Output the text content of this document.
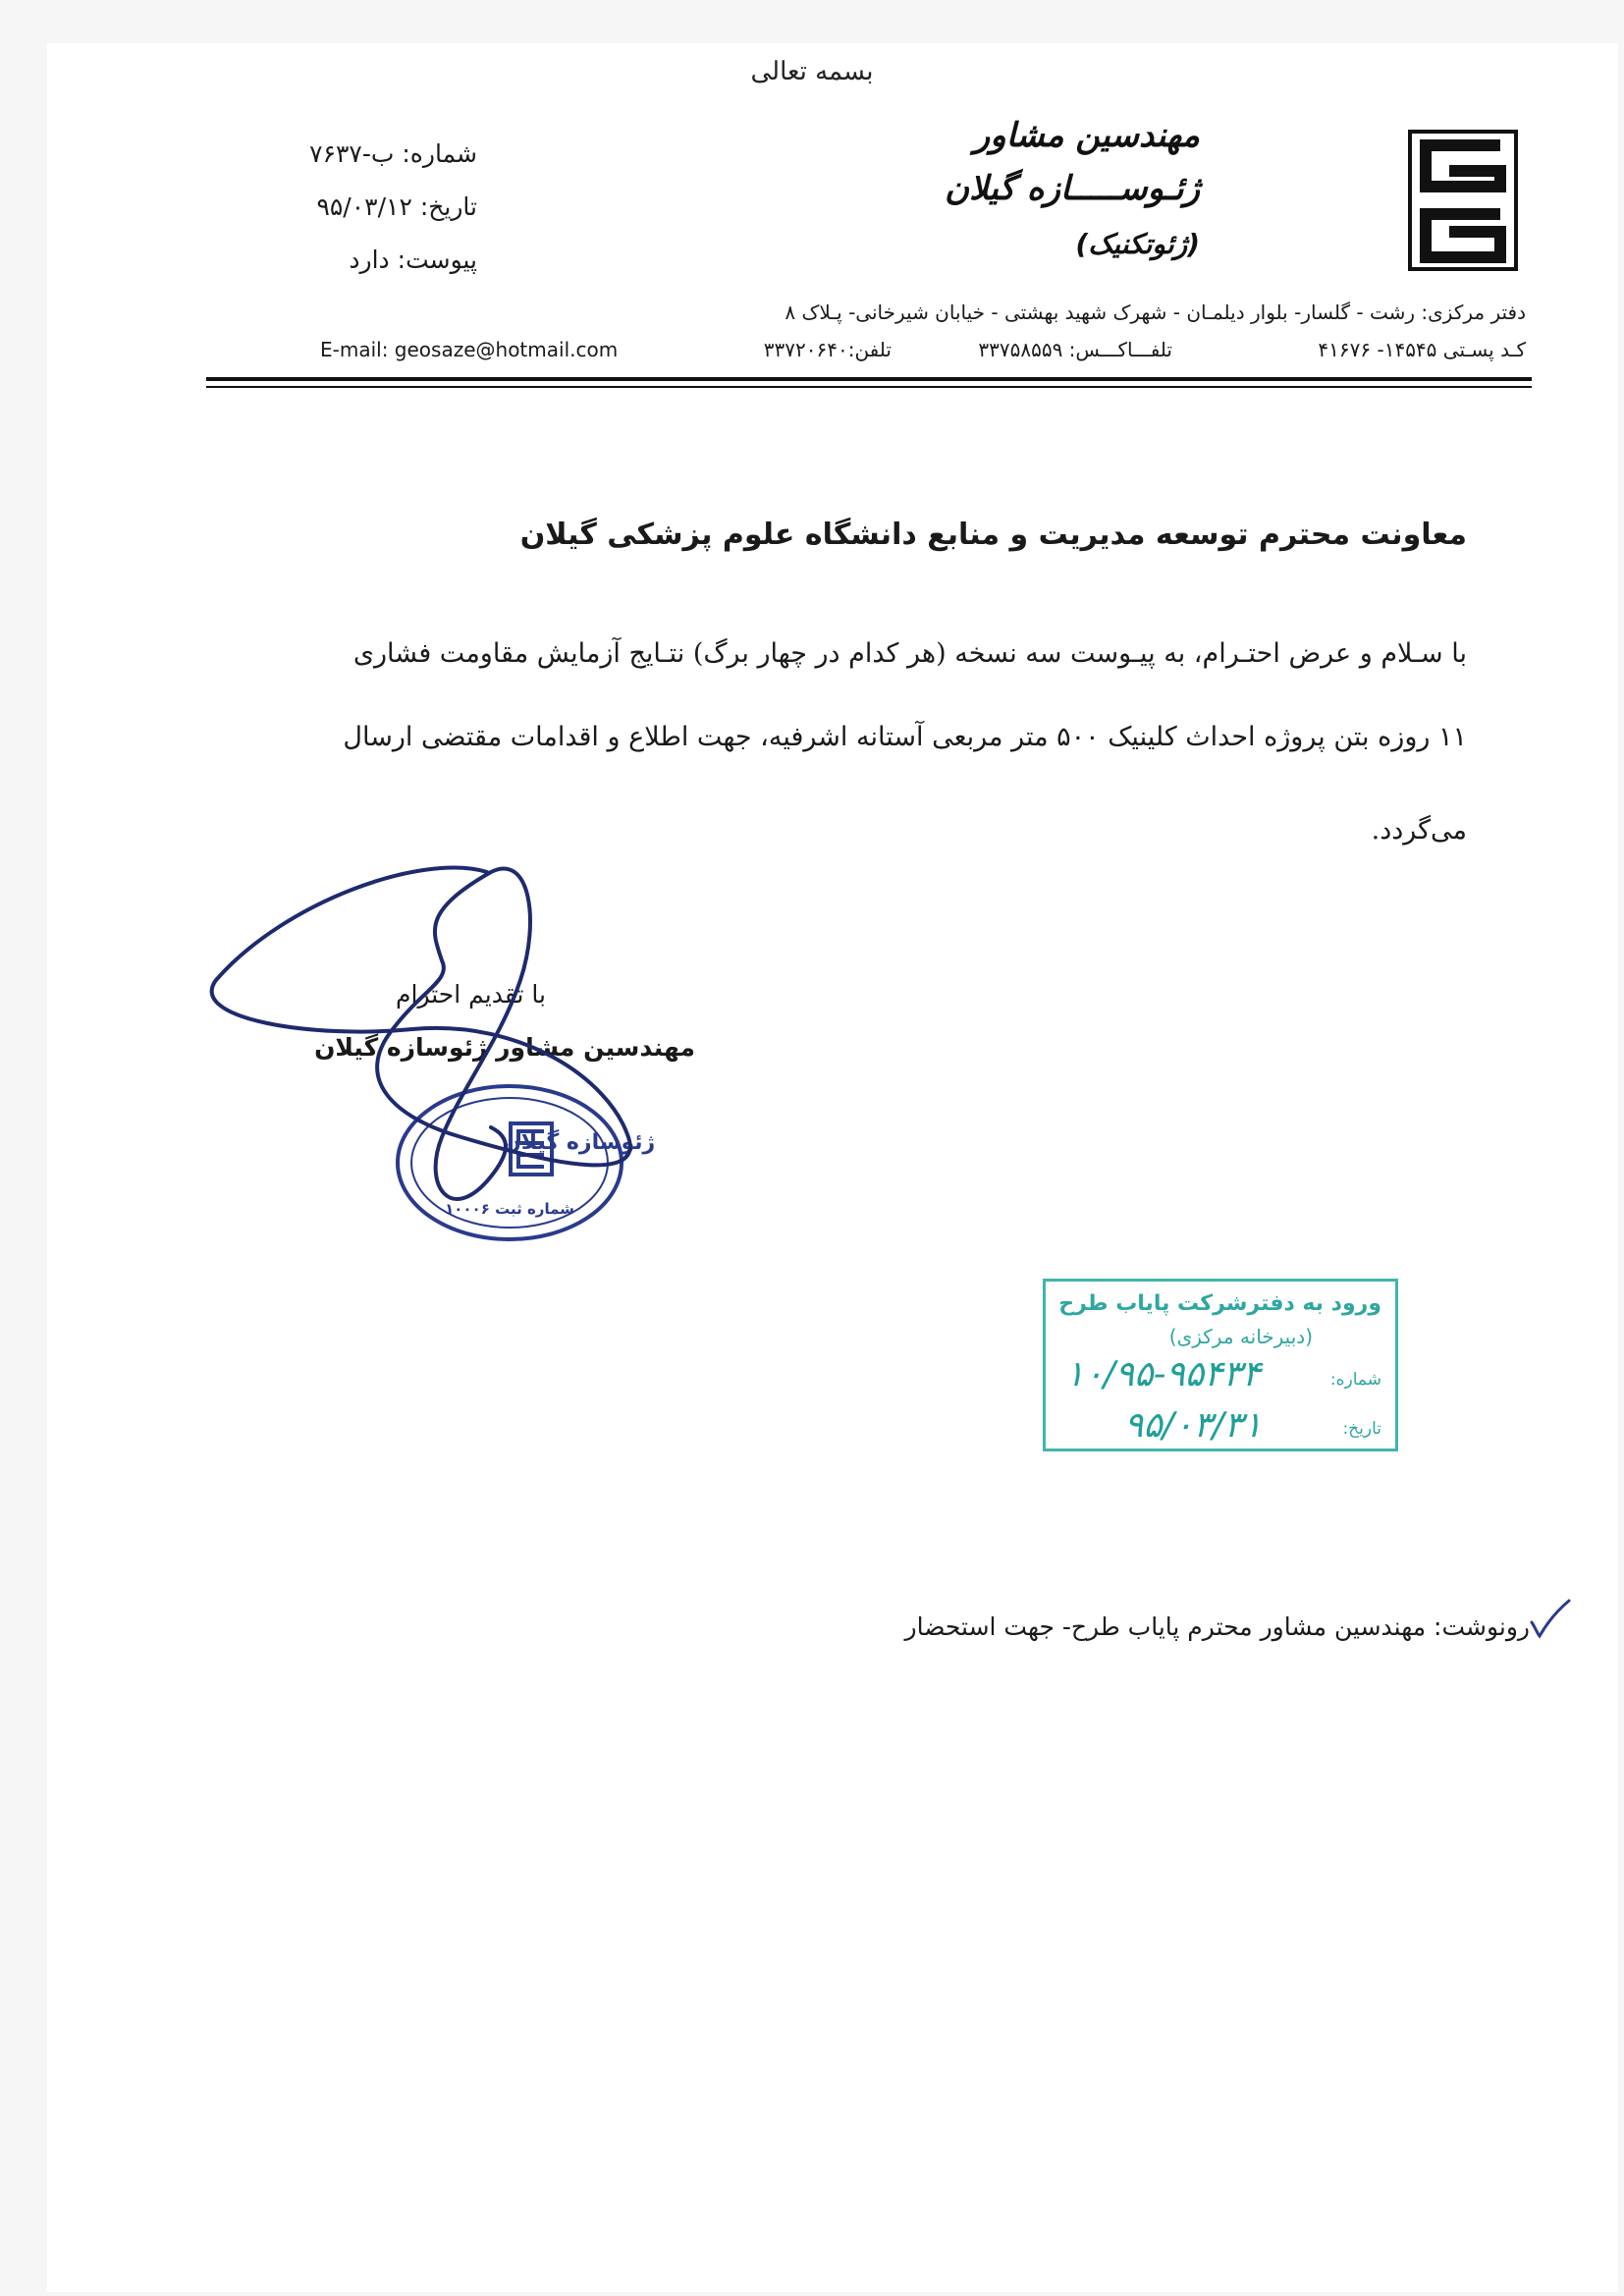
بسمه تعالی
مهندسین مشاور
ژئـوســـــازه گیلان
(ژئوتکنیک)
شماره: ب-۷۶۳۷
تاریخ: ۹۵/۰۳/۱۲
پیوست: دارد
دفتر مرکزی: رشت - گلسار- بلوار دیلمـان - شهرک شهید بهشتی - خیابان شیرخانی- پـلاک ۸
کـد پسـتی ۱۴۵۴۵- ۴۱۶۷۶
تلفـــاکـــس: ۳۳۷۵۸۵۵۹
تلفن:۳۳۷۲۰۶۴۰
E-mail: geosaze@hotmail.com
معاونت محترم توسعه مدیریت و منابع دانشگاه علوم پزشکی گیلان
با سـلام و عرض احتـرام، به پیـوست سه نسخه (هر کدام در چهار برگ) نتـایج آزمایش مقاومت فشاری
۱۱ روزه بتن پروژه احداث کلینیک ۵۰۰ متر مربعی آستانه اشرفیه، جهت اطلاع و اقدامات مقتضی ارسال
می‌گردد.
با تقدیم احترام
مهندسین مشاور ژئوسازه گیلان
ژئوسازه گیلان
شماره ثبت ۱۰۰۰۶
ورود به دفترشرکت پایاب طرح
(دبیرخانه مرکزی)
شماره:
۱۰/۹۵-۹۵۴۳۴
تاریخ:
۹۵/۰۳/۳۱
رونوشت: مهندسین مشاور محترم پایاب طرح- جهت استحضار
